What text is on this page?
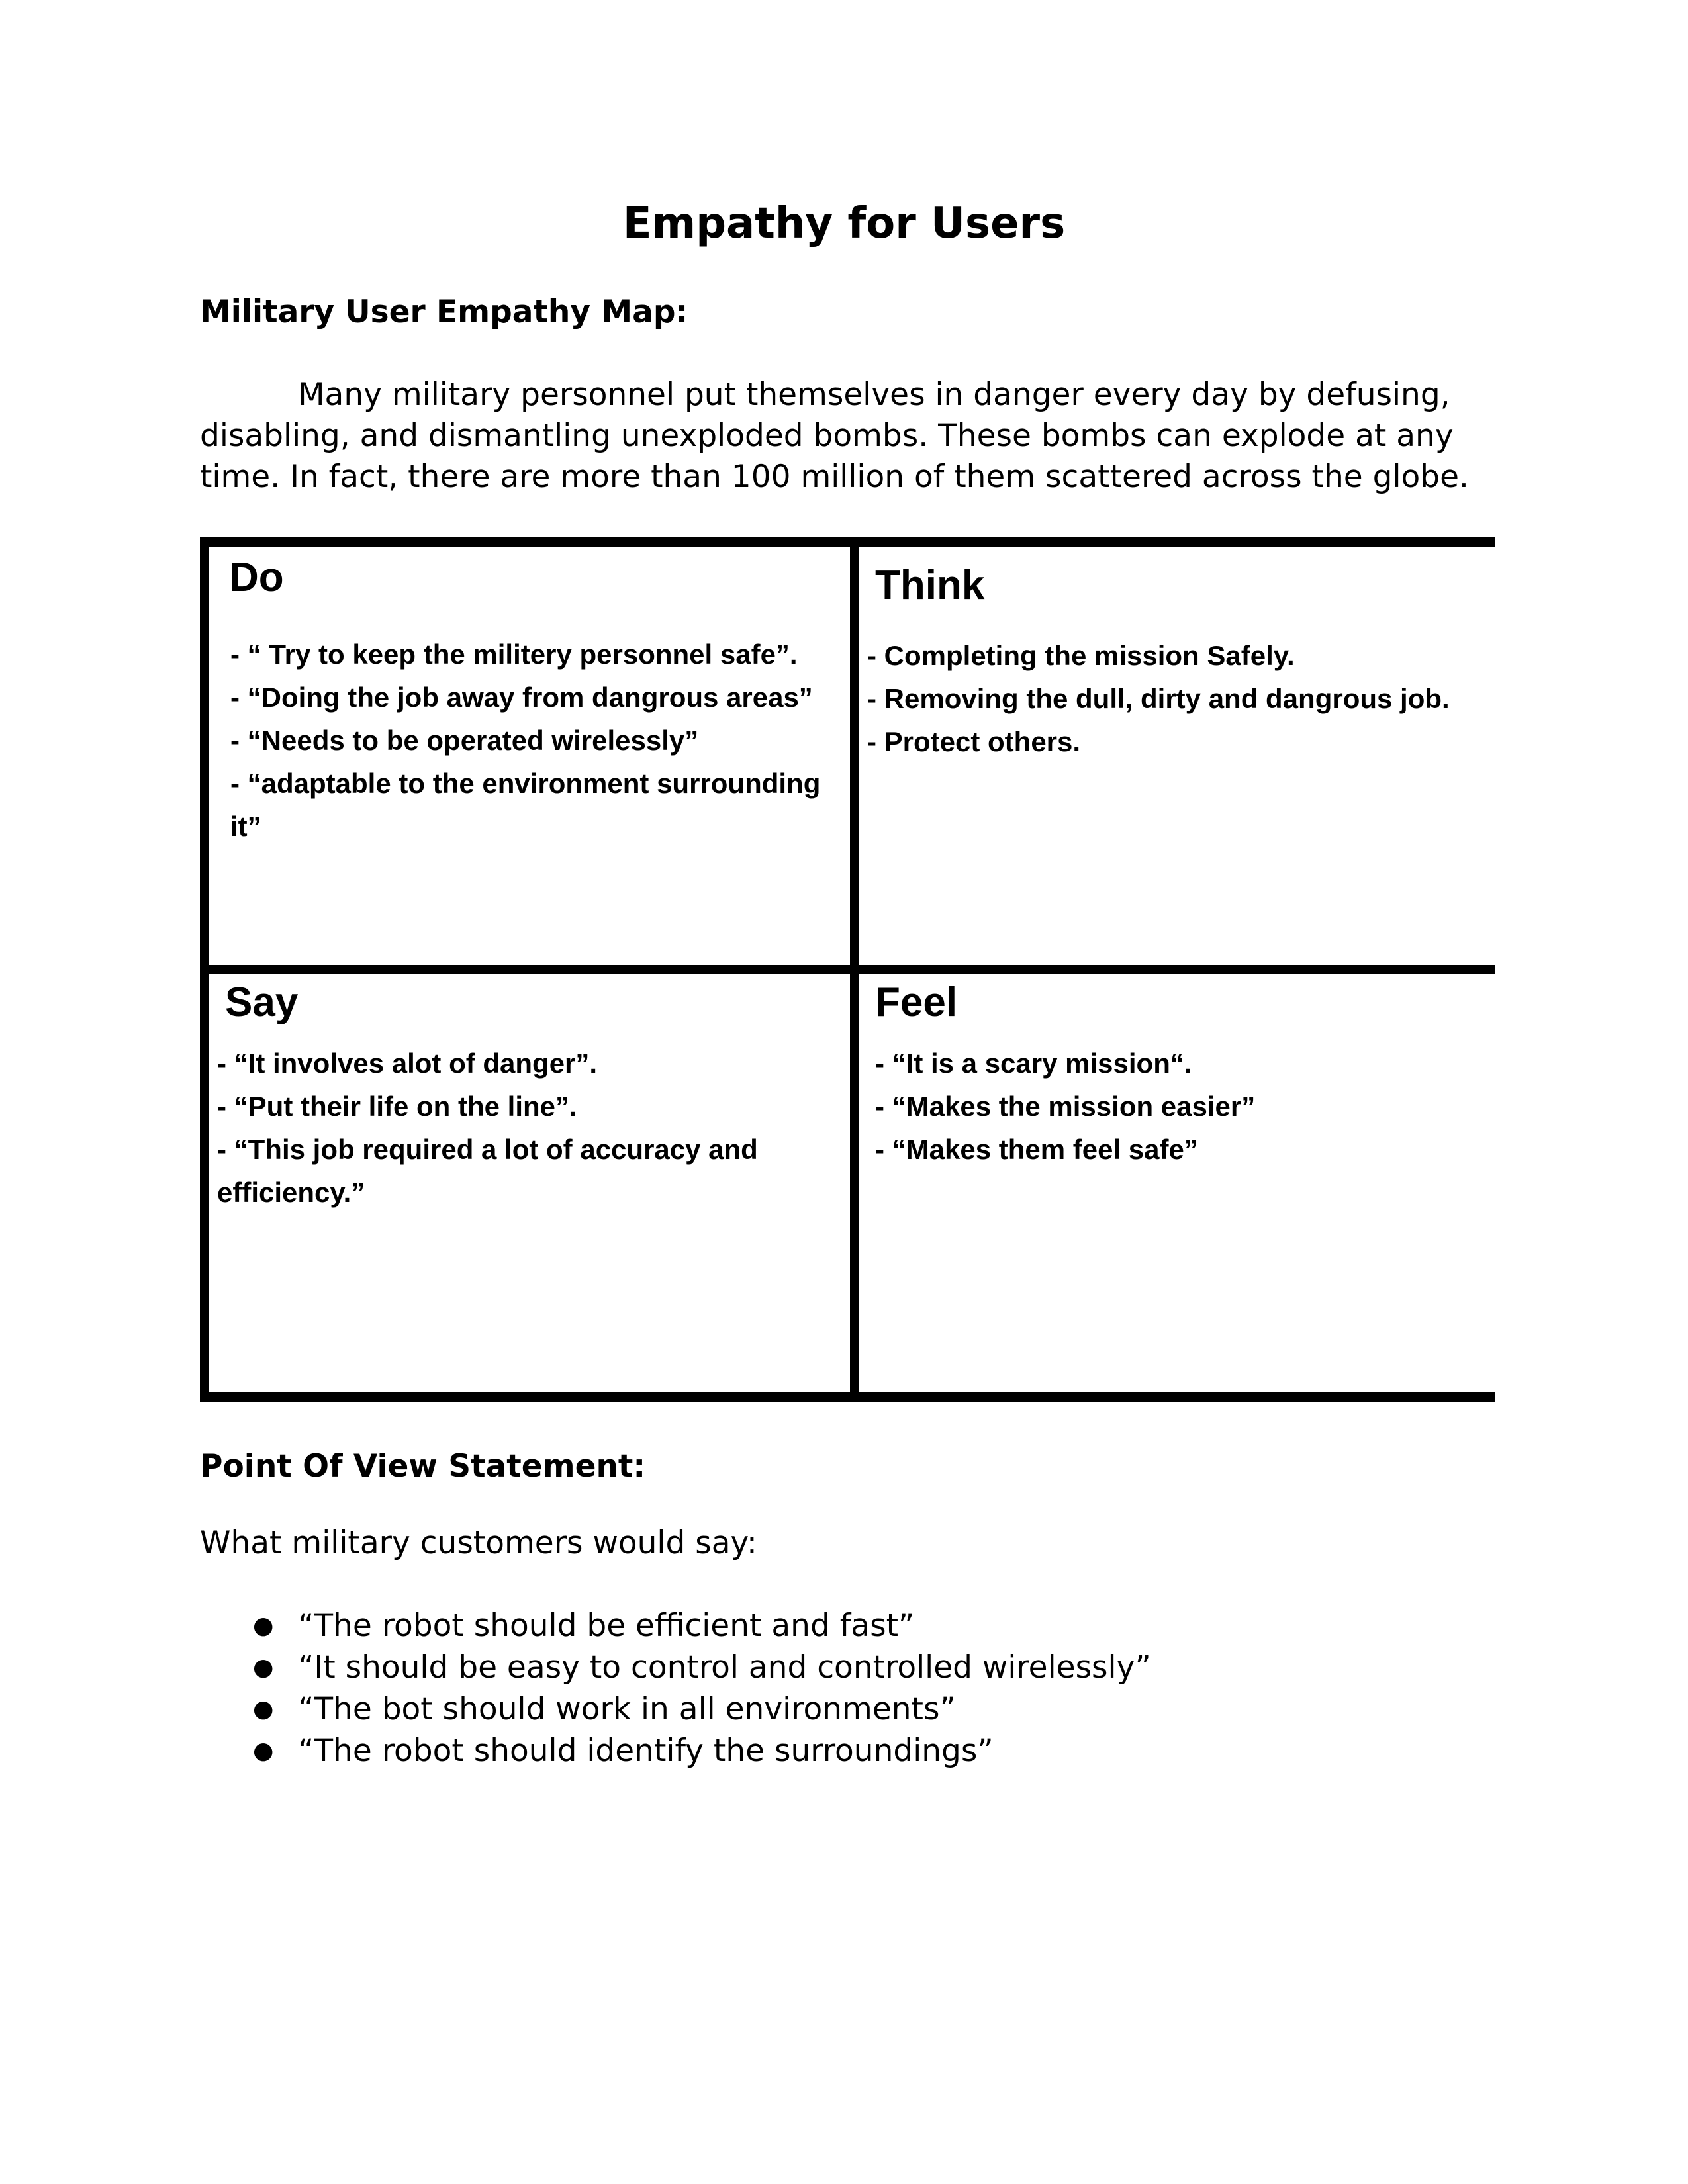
Empathy for Users
Military User Empathy Map:

Many military personnel put themselves in danger every day by defusing, disabling, and dismantling unexploded bombs. These bombs can explode at any time. In fact, there are more than 100 million of them scattered across the globe.

Do
- “ Try to keep the militery personnel safe”.
- “Doing the job away from dangrous areas”
- “Needs to be operated wirelessly”
- “adaptable to the environment surrounding it”
Think
- Completing the mission Safely.
- Removing the dull, dirty and dangrous job.
- Protect others.
Say
- “It involves alot of danger”.
- “Put their life on the line”.
- “This job required a lot of accuracy and efficiency.”
Feel
- “It is a scary mission“.
- “Makes the mission easier”
- “Makes them feel safe”
Point Of View Statement:

What military customers would say:

● “The robot should be efficient and fast”
● “It should be easy to control and controlled wirelessly”
● “The bot should work in all environments”
● “The robot should identify the surroundings”
